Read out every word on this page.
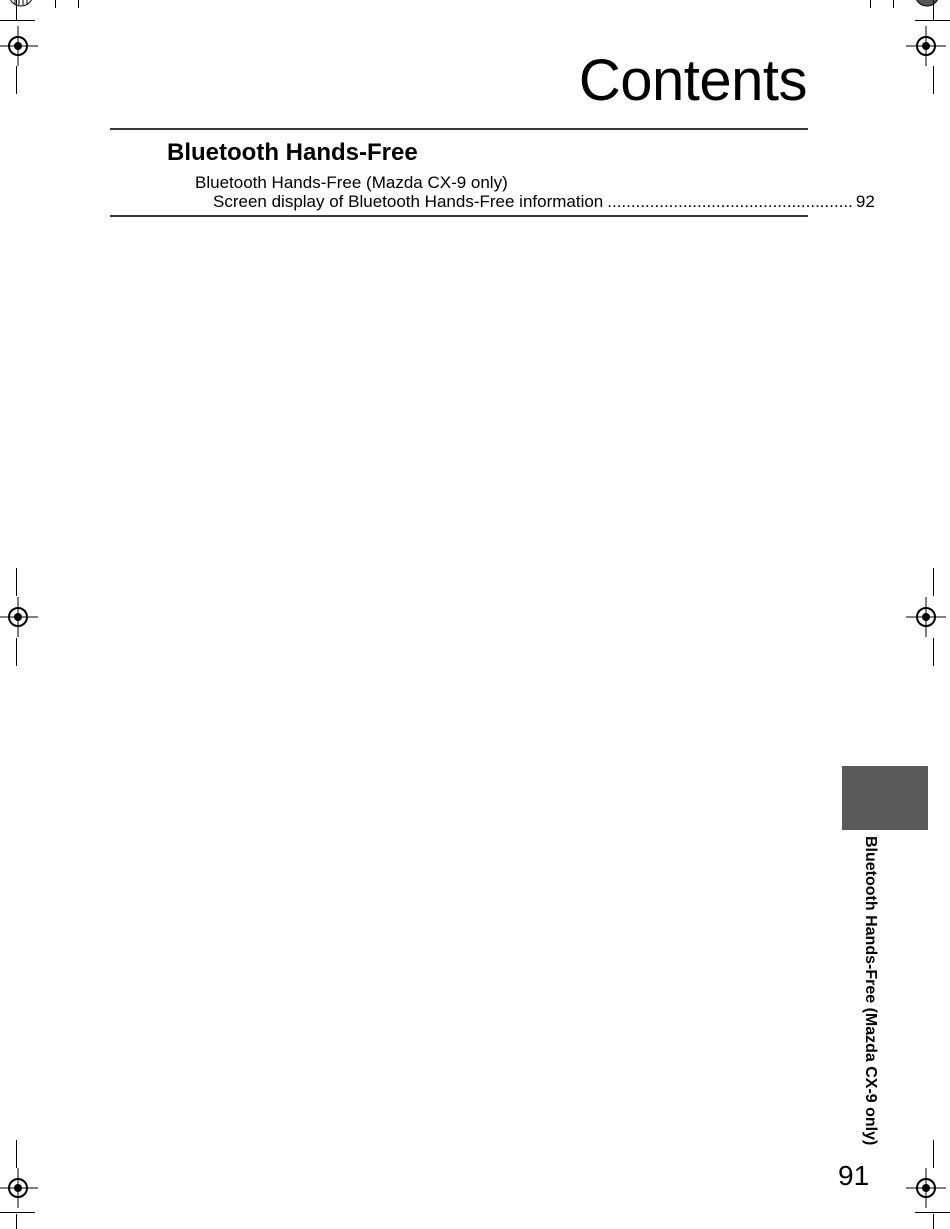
Contents
Bluetooth Hands-Free
Bluetooth Hands-Free (Mazda CX-9 only)
Screen display of Bluetooth Hands-Free information .................................................... 92
Bluetooth Hands-Free (Mazda CX-9 only)
91
